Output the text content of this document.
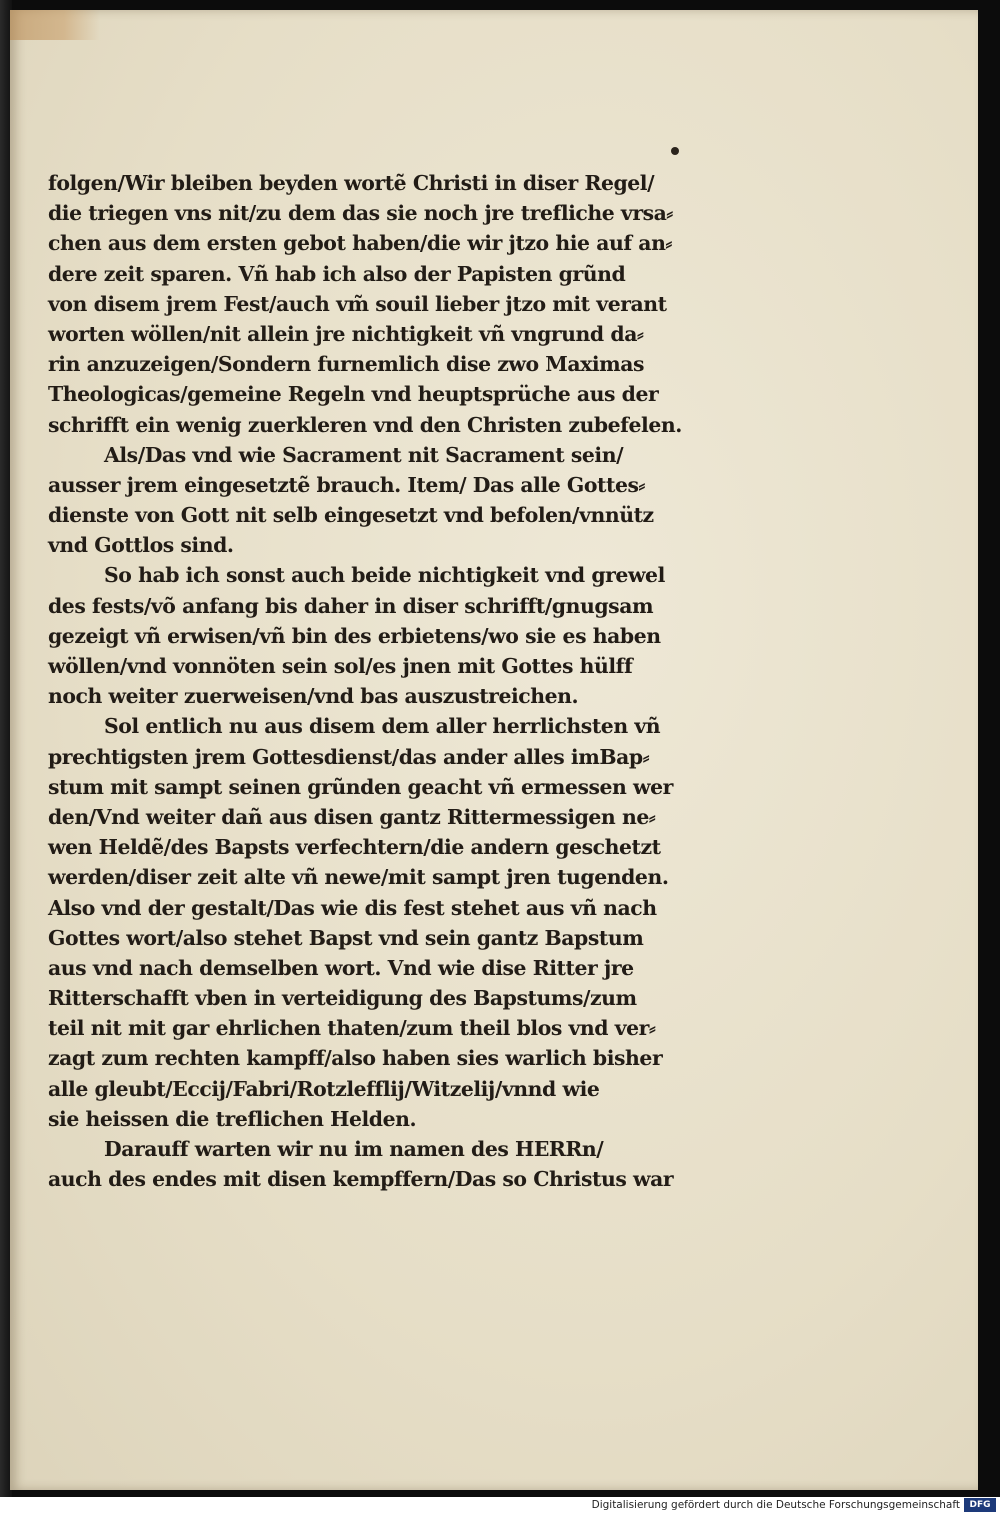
folgen/Wir bleiben beyden wortẽ Christi in diser Regel/
die triegen vns nit/zu dem das sie noch jre trefliche vrsa⸗
chen aus dem ersten gebot haben/die wir jtzo hie auf an⸗
dere zeit sparen. Vñ hab ich also der Papisten grũnd
von disem jrem Fest/auch vm̃ souil lieber jtzo mit verant
worten wöllen/nit allein jre nichtigkeit vñ vngrund da⸗
rin anzuzeigen/Sondern furnemlich dise zwo Maximas
Theologicas/gemeine Regeln vnd heuptsprüche aus der
schrifft ein wenig zuerkleren vnd den Christen zubefelen.
Als/Das vnd wie Sacrament nit Sacrament sein/
ausser jrem eingesetztẽ brauch. Item/ Das alle Gottes⸗
dienste von Gott nit selb eingesetzt vnd befolen/vnnütz
vnd Gottlos sind.
So hab ich sonst auch beide nichtigkeit vnd grewel
des fests/võ anfang bis daher in diser schrifft/gnugsam
gezeigt vñ erwisen/vñ bin des erbietens/wo sie es haben
wöllen/vnd vonnöten sein sol/es jnen mit Gottes hülff
noch weiter zuerweisen/vnd bas auszustreichen.
Sol entlich nu aus disem dem aller herrlichsten vñ
prechtigsten jrem Gottesdienst/das ander alles imBap⸗
stum mit sampt seinen grũnden geacht vñ ermessen wer
den/Vnd weiter dañ aus disen gantz Rittermessigen ne⸗
wen Heldẽ/des Bapsts verfechtern/die andern geschetzt
werden/diser zeit alte vñ newe/mit sampt jren tugenden.
Also vnd der gestalt/Das wie dis fest stehet aus vñ nach
Gottes wort/also stehet Bapst vnd sein gantz Bapstum
aus vnd nach demselben wort. Vnd wie dise Ritter jre
Ritterschafft vben in verteidigung des Bapstums/zum
teil nit mit gar ehrlichen thaten/zum theil blos vnd ver⸗
zagt zum rechten kampff/also haben sies warlich bisher
alle gleubt/Eccij/Fabri/Rotzlefflij/Witzelij/vnnd wie
sie heissen die treflichen Helden.
Darauff warten wir nu im namen des HERRn/
auch des endes mit disen kempffern/Das so Christus war
Digitalisierung gefördert durch die Deutsche Forschungsgemeinschaft	DFG
